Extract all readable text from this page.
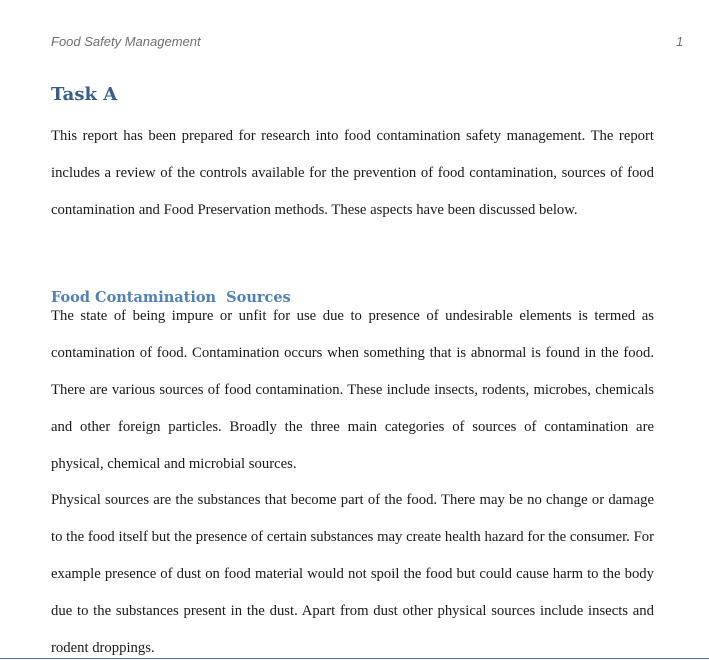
Food Safety Management	1
Task A

This report has been prepared for research into food contamination safety management. The report includes a review of the controls available for the prevention of food contamination, sources of food contamination and Food Preservation methods. These aspects have been discussed below.

Food Contamination  Sources

The state of being impure or unfit for use due to presence of undesirable elements is termed as contamination of food. Contamination occurs when something that is abnormal is found in the food. There are various sources of food contamination. These include insects, rodents, microbes, chemicals and other foreign particles. Broadly the three main categories of sources of contamination are physical, chemical and microbial sources.

Physical sources are the substances that become part of the food. There may be no change or damage to the food itself but the presence of certain substances may create health hazard for the consumer. For example presence of dust on food material would not spoil the food but could cause harm to the body due to the substances present in the dust. Apart from dust other physical sources include insects and rodent droppings.
